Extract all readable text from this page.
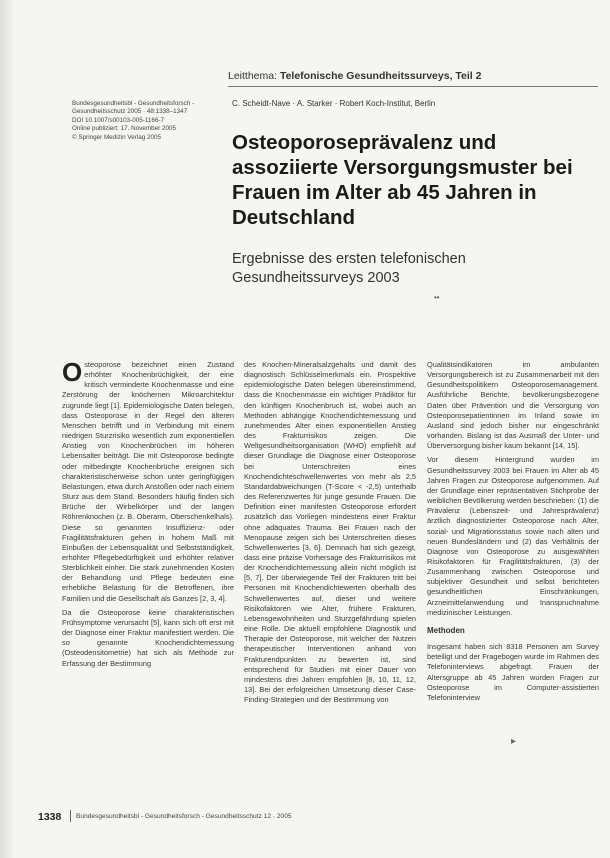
Leitthema: Telefonische Gesundheitssurveys, Teil 2
Bundesgesundheitsbl - Gesundheitsforsch -
Gesundheitsschutz 2005 · 48:1338–1347
DOI 10.1007/s00103-005-1166-7
Online publiziert: 17. November 2005
© Springer Medizin Verlag 2005
C. Scheidt-Nave · A. Starker · Robert Koch-Institut, Berlin
Osteoporoseprävalenz und assoziierte Versorgungsmuster bei Frauen im Alter ab 45 Jahren in Deutschland
Ergebnisse des ersten telefonischen Gesundheitssurveys 2003
••

Osteoporose bezeichnet einen Zustand erhöhter Knochenbrüchigkeit, der eine kritisch verminderte Knochenmasse und eine Zerstörung der knöchernen Mikroarchitektur zugrunde liegt [1]. Epidemiologische Daten belegen, dass Osteoporose in der Regel den älteren Menschen betrifft und in Verbindung mit einem niedrigen Sturzrisiko wesentlich zum exponentiellen Anstieg von Knochenbrüchen im höheren Lebensalter beiträgt. Die mit Osteoporose bedingte oder mitbedingte Knochenbrüche ereignen sich charakteristischerweise schon unter geringfügigen Belastungen, etwa durch Anstoßen oder nach einem Sturz aus dem Stand. Besonders häufig finden sich Brüche der Wirbelkörper und der langen Röhrenknochen (z. B. Oberarm, Oberschenkelhals). Diese so genannten Insuffizienz- oder Fragilitätsfrakturen gehen in hohem Maß mit Einbußen der Lebensqualität und Selbstständigkeit, erhöhter Pflegebedürftigkeit und erhöhter relativer Sterblichkeit einher. Die stark zunehmenden Kosten der Behandlung und Pflege bedeuten eine erhebliche Belastung für die Betroffenen, ihre Familien und die Gesellschaft als Ganzes [2, 3, 4].

Da die Osteoporose keine charakteristischen Frühsymptome verursacht [5], kann sich oft erst mit der Diagnose einer Fraktur manifestiert werden. Die so genannte Knochendichtemessung (Osteodensitometrie) hat sich als Methode zur Erfassung der Bestimmung

des Knochen-Mineralsalzgehalts und damit des diagnostisch Schlüsselmerkmals ein. Prospektive epidemiologische Daten belegen übereinstimmend, dass die Knochenmasse ein wichtiger Prädiktor für den künftigen Knochenbruch ist, wobei auch an Methoden abhängige Knochendichtemessung und zunehmendes Alter einen exponentiellen Anstieg des Frakturrisikos zeigen. Die Weltgesundheitsorganisation (WHO) empfiehlt auf dieser Grundlage die Diagnose einer Osteoporose bei Unterschreiten eines Knochendichteschwellenwertes von mehr als 2,5 Standardabweichungen (T-Score < -2,5) unterhalb des Referenzwertes für junge gesunde Frauen. Die Definition einer manifesten Osteoporose erfordert zusätzlich das Vorliegen mindestens einer Fraktur ohne adäquates Trauma. Bei Frauen nach der Menopause zeigen sich bei Unterschreiten dieses Schwellenwertes [3, 6]. Demnach hat sich gezeigt, dass eine präzise Vorhersage des Frakturrisikos mit der Knochendichtemessung allein nicht möglich ist [5, 7]. Der überwiegende Teil der Frakturen tritt bei Personen mit Knochendichtewerten oberhalb des Schwellenwertes auf, dieser und weitere Risikofaktoren wie Alter, frühere Frakturen, Lebensgewohnheiten und Sturzgefährdung spielen eine Rolle. Die aktuell empfohlene Diagnostik und Therapie der Osteoporose, mit welcher der Nutzen therapeutischer Interventionen anhand von Frakturendpunkten zu bewerten ist, sind entsprechend für Studien mit einer Dauer von mindestens drei Jahren empfohlen [8, 10, 11, 12, 13]. Bei der erfolgreichen Umsetzung dieser Case-Finding-Strategien und der Bestimmung von

Qualitätsindikatoren im ambulanten Versorgungsbereich ist zu Zusammenarbeit mit den Gesundheitspolitikern Osteoporosemanagement. Ausführliche Berichte, bevölkerungsbezogene Daten über Prävention und die Versorgung von Osteoporosepatientinnen im Inland sowie im Ausland sind jedoch bisher nur eingeschränkt vorhanden. Bislang ist das Ausmaß der Unter- und Überversorgung bisher kaum bekannt [14, 15].

Vor diesem Hintergrund wurden im Gesundheitssurvey 2003 bei Frauen im Alter ab 45 Jahren Fragen zur Osteoporose aufgenommen. Auf der Grundlage einer repräsentativen Stichprobe der weiblichen Bevölkerung werden beschrieben: (1) die Prävalenz (Lebenszeit- und Jahresprävalenz) ärztlich diagnostizierter Osteoporose nach Alter, sozial- und Migrationsstatus sowie nach alten und neuen Bundesländern und (2) das Verhältnis der Diagnose von Osteoporose zu ausgewählten Risikofaktoren für Fragilitätsfrakturen, (3) der Zusammenhang zwischen Osteoporose und subjektiver Gesundheit und selbst berichteten gesundheitlichen Einschränkungen, Arzneimittelanwendung und Inanspruchnahme medizinischer Leistungen.

Methoden

Insgesamt haben sich 8318 Personen am Survey beteiligt und der Fragebogen wurde im Rahmen des Telefoninterviews abgefragt. Frauen der Altersgruppe ab 45 Jahren wurden Fragen zur Osteoporose im Computer-assistierten Telefoninterview

▸
1338 Bundesgesundheitsbl - Gesundheitsforsch - Gesundheitsschutz 12 · 2005
